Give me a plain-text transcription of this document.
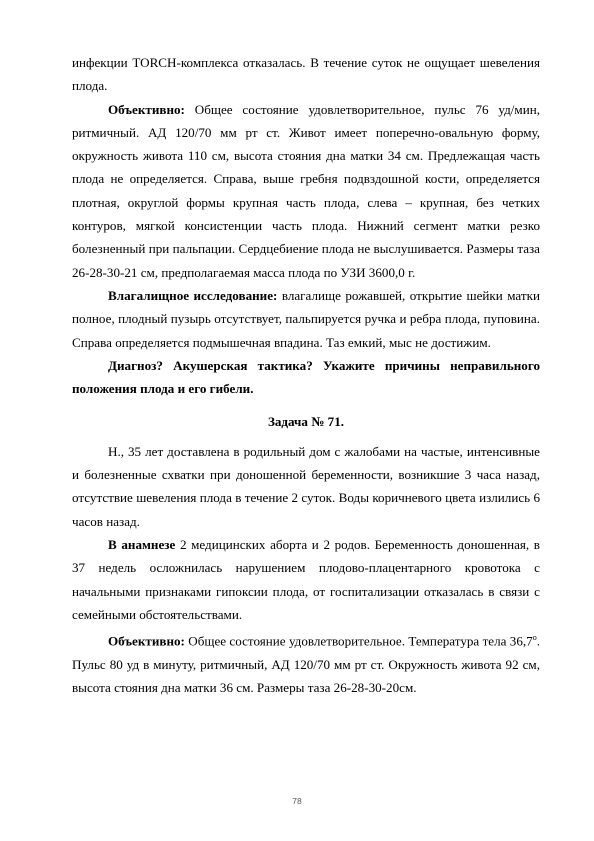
инфекции TORCH-комплекса отказалась. В течение суток не ощущает шевеления плода.

Объективно: Общее состояние удовлетворительное, пульс 76 уд/мин, ритмичный. АД 120/70 мм рт ст. Живот имеет поперечно-овальную форму, окружность живота 110 см, высота стояния дна матки 34 см. Предлежащая часть плода не определяется. Справа, выше гребня подвздошной кости, определяется плотная, округлой формы крупная часть плода, слева – крупная, без четких контуров, мягкой консистенции часть плода. Нижний сегмент матки резко болезненный при пальпации. Сердцебиение плода не выслушивается. Размеры таза 26-28-30-21 см, предполагаемая масса плода по УЗИ 3600,0 г.

Влагалищное исследование: влагалище рожавшей, открытие шейки матки полное, плодный пузырь отсутствует, пальпируется ручка и ребра плода, пуповина. Справа определяется подмышечная впадина. Таз емкий, мыс не достижим.

Диагноз? Акушерская тактика? Укажите причины неправильного положения плода и его гибели.

Задача № 71.

Н., 35 лет доставлена в родильный дом с жалобами на частые, интенсивные и болезненные схватки при доношенной беременности, возникшие 3 часа назад, отсутствие шевеления плода в течение 2 суток. Воды коричневого цвета излились 6 часов назад.

В анамнезе 2 медицинских аборта и 2 родов. Беременность доношенная, в 37 недель осложнилась нарушением плодово-плацентарного кровотока с начальными признаками гипоксии плода, от госпитализации отказалась в связи с семейными обстоятельствами.

Объективно: Общее состояние удовлетворительное. Температура тела $36,7^о$. Пульс 80 уд в минуту, ритмичный, АД 120/70 мм рт ст. Окружность живота 92 см, высота стояния дна матки 36 см. Размеры таза 26-28-30-20см.

78
